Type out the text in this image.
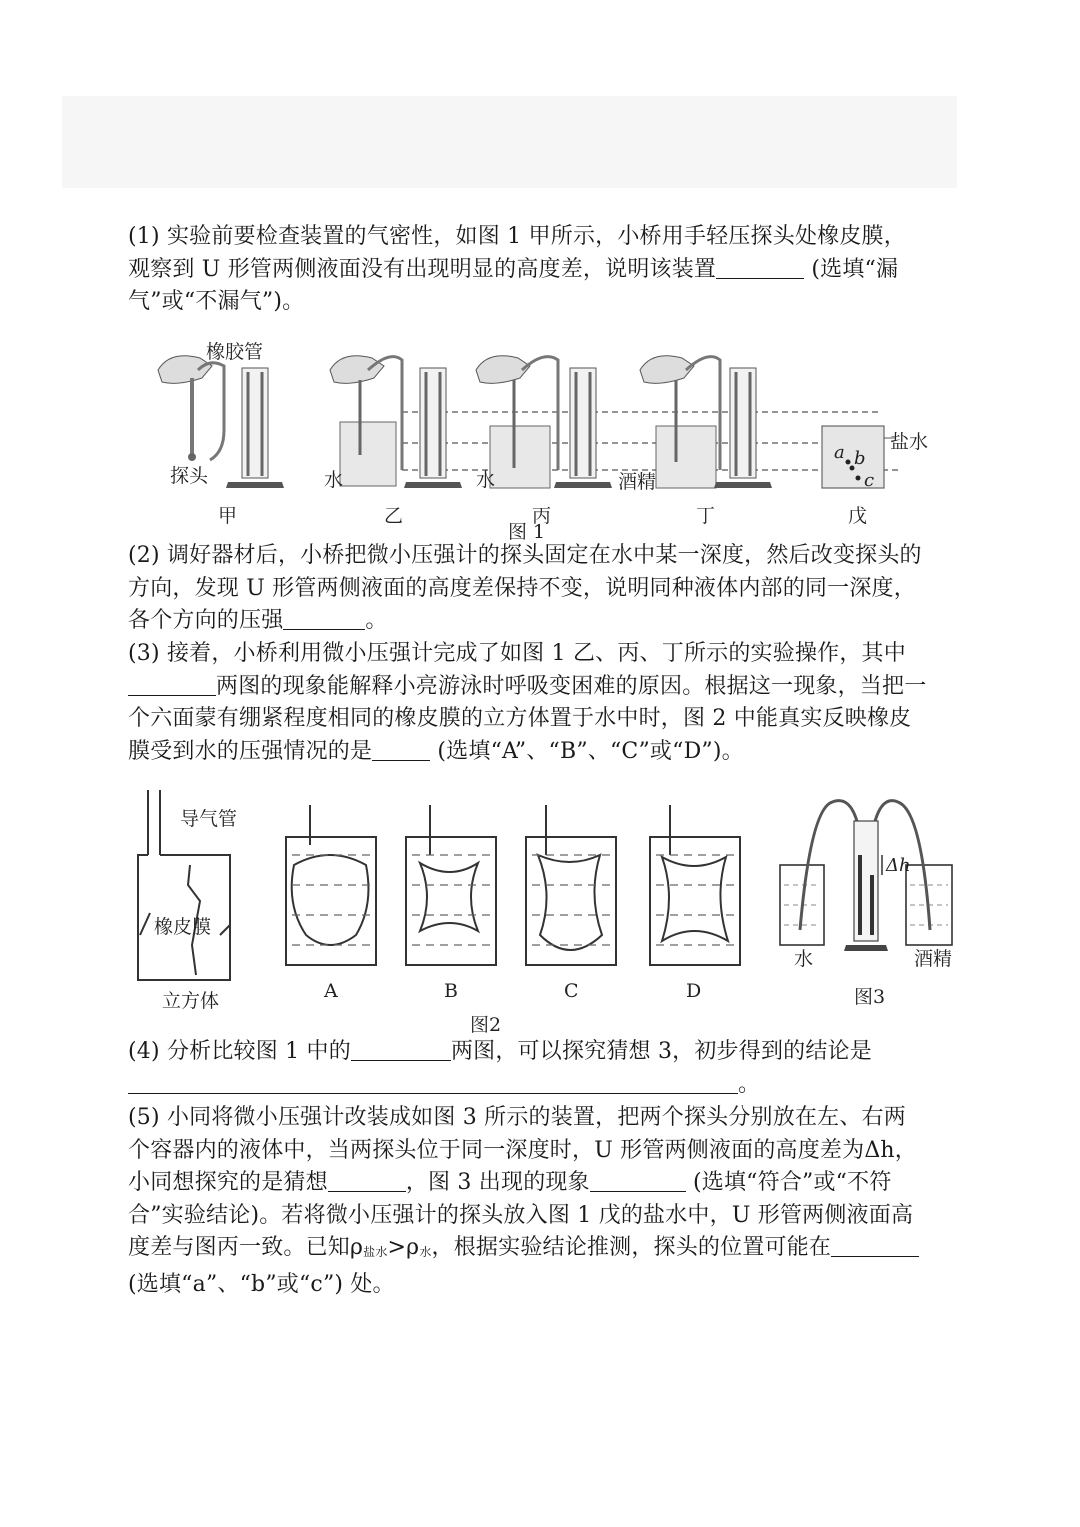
(1) 实验前要检查装置的气密性，如图 1 甲所示，小桥用手轻压探头处橡皮膜，观察到 U 形管两侧液面没有出现明显的高度差，说明该装置	(选填“漏气”或“不漏气”)。

橡胶管
探头	水	水	酒精
盐水
a b
c
甲	乙	丙	丁	戊
图 1

(2) 调好器材后，小桥把微小压强计的探头固定在水中某一深度，然后改变探头的方向，发现 U 形管两侧液面的高度差保持不变，说明同种液体内部的同一深度，各个方向的压强	。

(3) 接着，小桥利用微小压强计完成了如图 1 乙、丙、丁所示的实验操作，其中两图的现象能解释小亮游泳时呼吸变困难的原因。根据这一现象，当把一个六面蒙有绷紧程度相同的橡皮膜的立方体置于水中时，图 2 中能真实反映橡皮膜受到水的压强情况的是	(选填“A”、“B”、“C”或“D”)。

导气管
橡皮膜
立方体	A	B	C	D
图2
Δh
水	酒精
图3

(4) 分析比较图 1 中的	两图，可以探究猜想 3，初步得到的结论是。

(5) 小同将微小压强计改装成如图 3 所示的装置，把两个探头分别放在左、右两个容器内的液体中，当两探头位于同一深度时，U 形管两侧液面的高度差为Δh，小同想探究的是猜想	，图 3 出现的现象	(选填“符合”或“不符合”实验结论)。若将微小压强计的探头放入图 1 戊的盐水中，U 形管两侧液面高度差与图丙一致。已知$\rho_{盐水}>\rho_水$，根据实验结论推测，探头的位置可能在 (选填“a”、“b”或“c”) 处。
